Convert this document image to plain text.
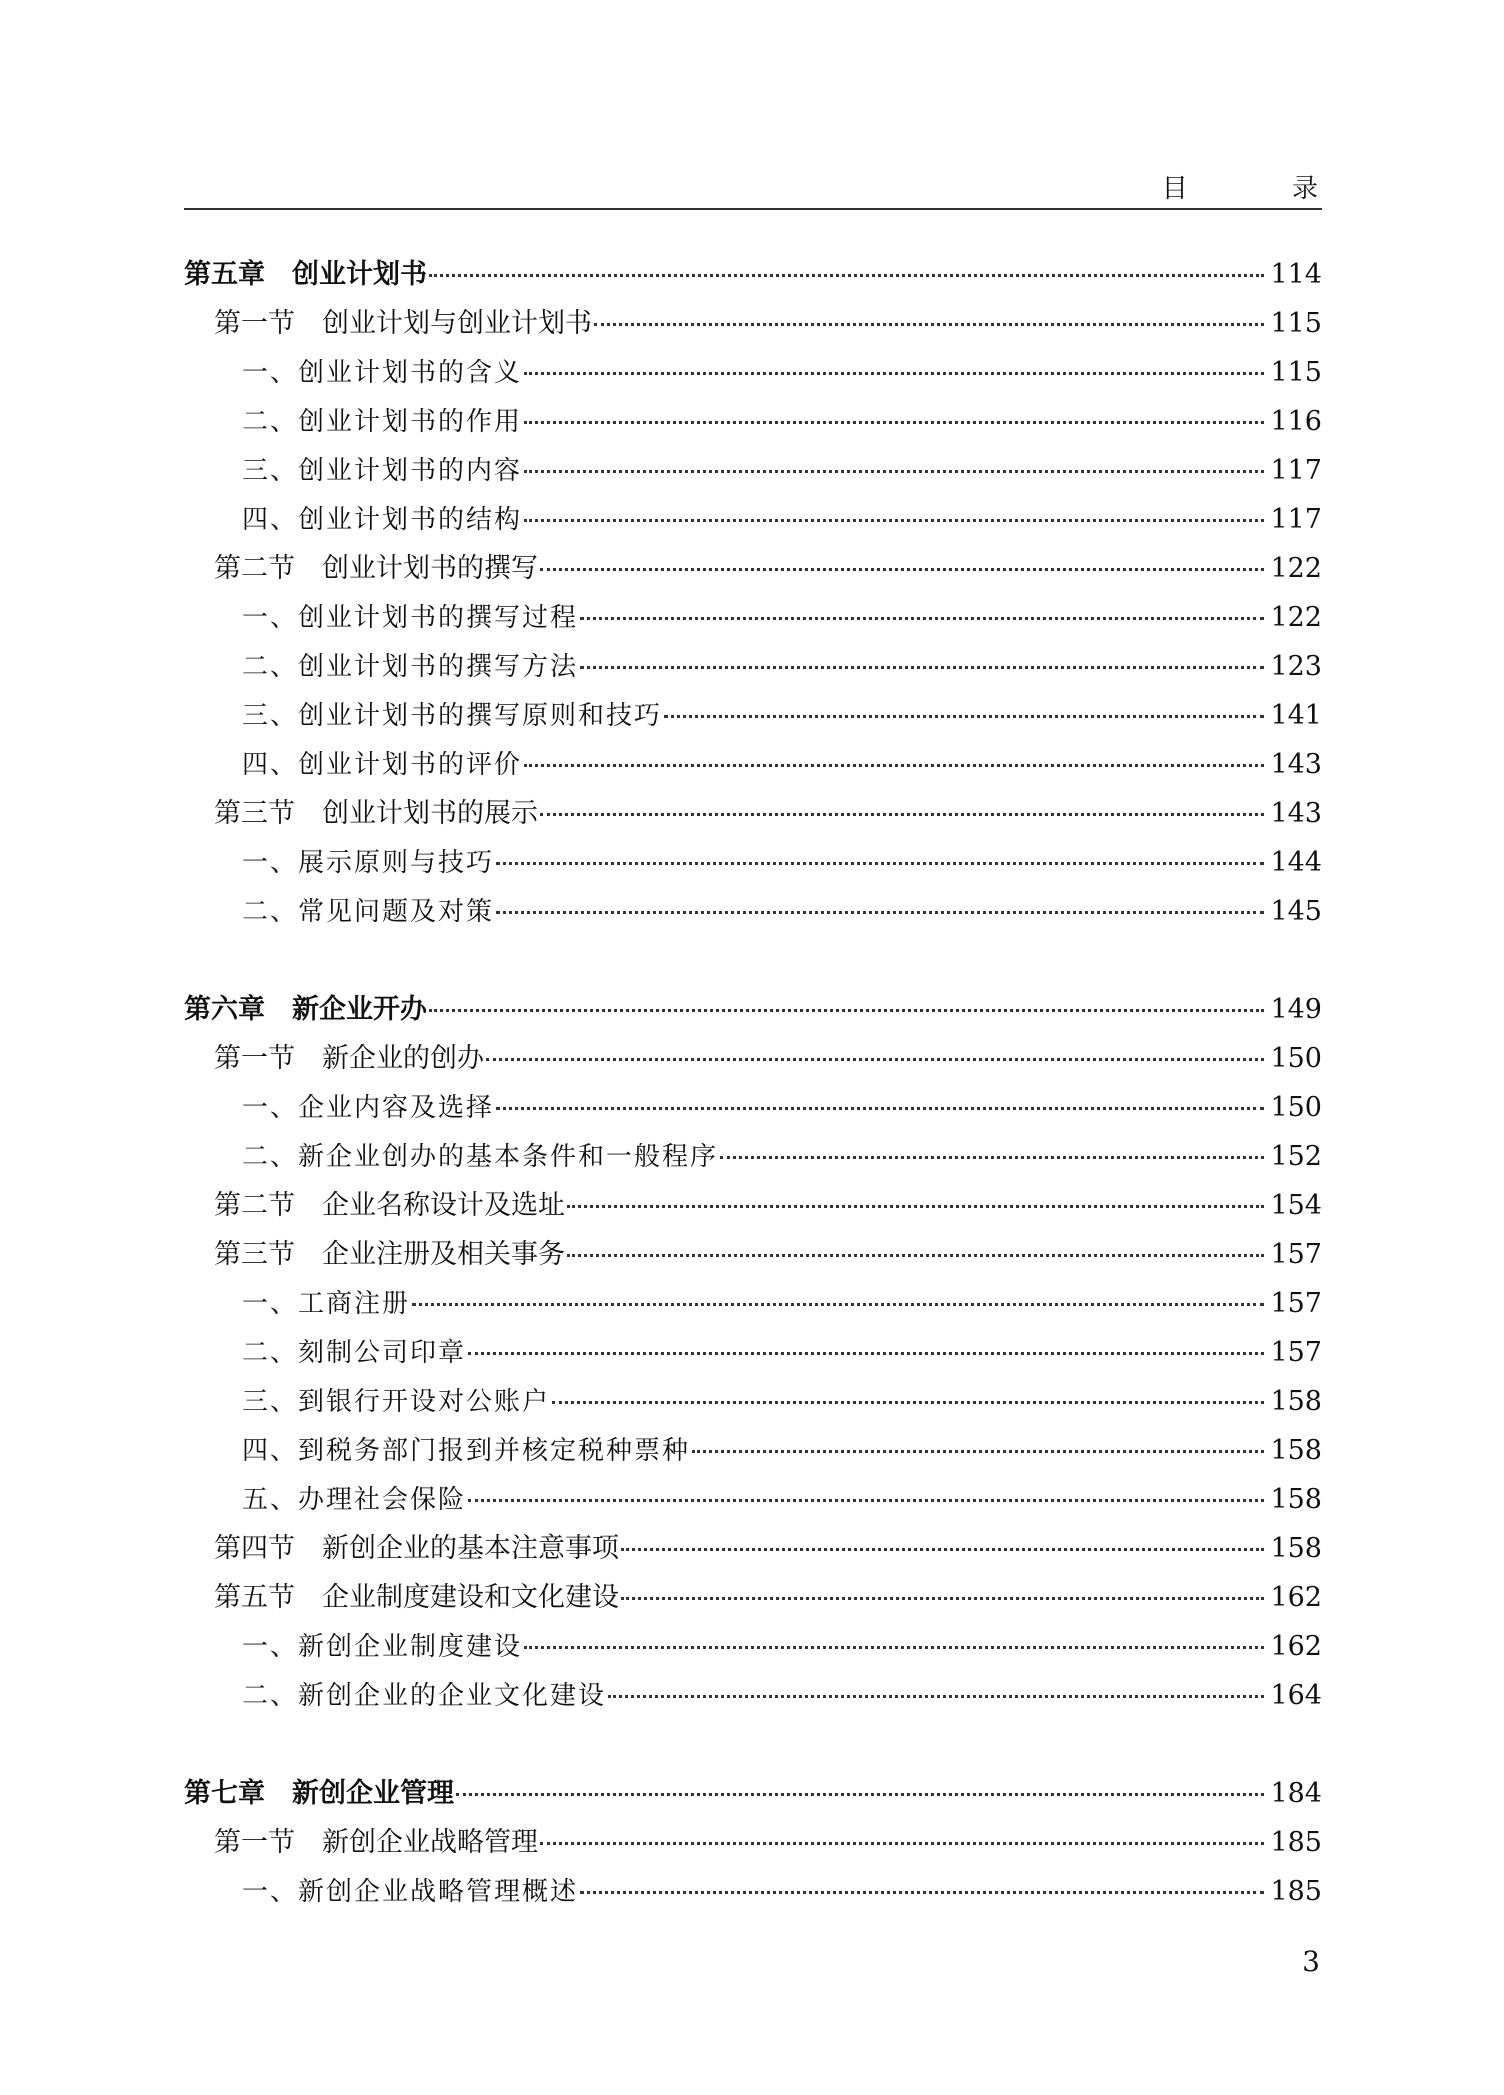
目 录
第五章　创业计划书	114
第一节　创业计划与创业计划书	115
一、创业计划书的含义	115
二、创业计划书的作用	116
三、创业计划书的内容	117
四、创业计划书的结构	117
第二节　创业计划书的撰写	122
一、创业计划书的撰写过程	122
二、创业计划书的撰写方法	123
三、创业计划书的撰写原则和技巧	141
四、创业计划书的评价	143
第三节　创业计划书的展示	143
一、展示原则与技巧	144
二、常见问题及对策	145
第六章　新企业开办	149
第一节　新企业的创办	150
一、企业内容及选择	150
二、新企业创办的基本条件和一般程序	152
第二节　企业名称设计及选址	154
第三节　企业注册及相关事务	157
一、工商注册	157
二、刻制公司印章	157
三、到银行开设对公账户	158
四、到税务部门报到并核定税种票种	158
五、办理社会保险	158
第四节　新创企业的基本注意事项	158
第五节　企业制度建设和文化建设	162
一、新创企业制度建设	162
二、新创企业的企业文化建设	164
第七章　新创企业管理	184
第一节　新创企业战略管理	185
一、新创企业战略管理概述	185
3
